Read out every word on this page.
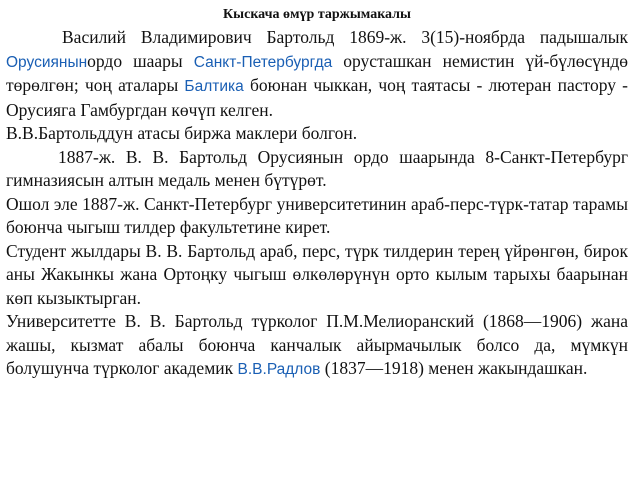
Кыскача өмүр таржымакалы

Василий Владимирович Бартольд 1869-ж. 3(15)-ноябрда падышалык Орусиянынордо шаары Санкт-Петербургда орусташкан немистин үй-бүлөсүндө төрөлгөн; чоң аталары Балтика боюнан чыккан, чоң таятасы - лютеран пастору - Орусияга Гамбургдан көчүп келген.

В.В.Бартольддун атасы биржа маклери болгон.

1887-ж. В. В. Бартольд Орусиянын ордо шаарында 8-Санкт-Петербург гимназиясын алтын медаль менен бүтүрөт.

Ошол эле 1887-ж. Санкт-Петербург университетинин араб-перс-түрк-татар тарамы боюнча чыгыш тилдер факультетине кирет.

Студент жылдары В. В. Бартольд араб, перс, түрк тилдерин терең үйрөнгөн, бирок аны Жакынкы жана Ортоңку чыгыш өлкөлөрүнүн орто кылым тарыхы баарынан көп кызыктырган.

Университетте В. В. Бартольд түрколог П.М.Мелиоранский (1868—1906) жана жашы, кызмат абалы боюнча канчалык айырмачылык болсо да, мүмкүн болушунча түрколог академик В.В.Радлов (1837—1918) менен жакындашкан.
